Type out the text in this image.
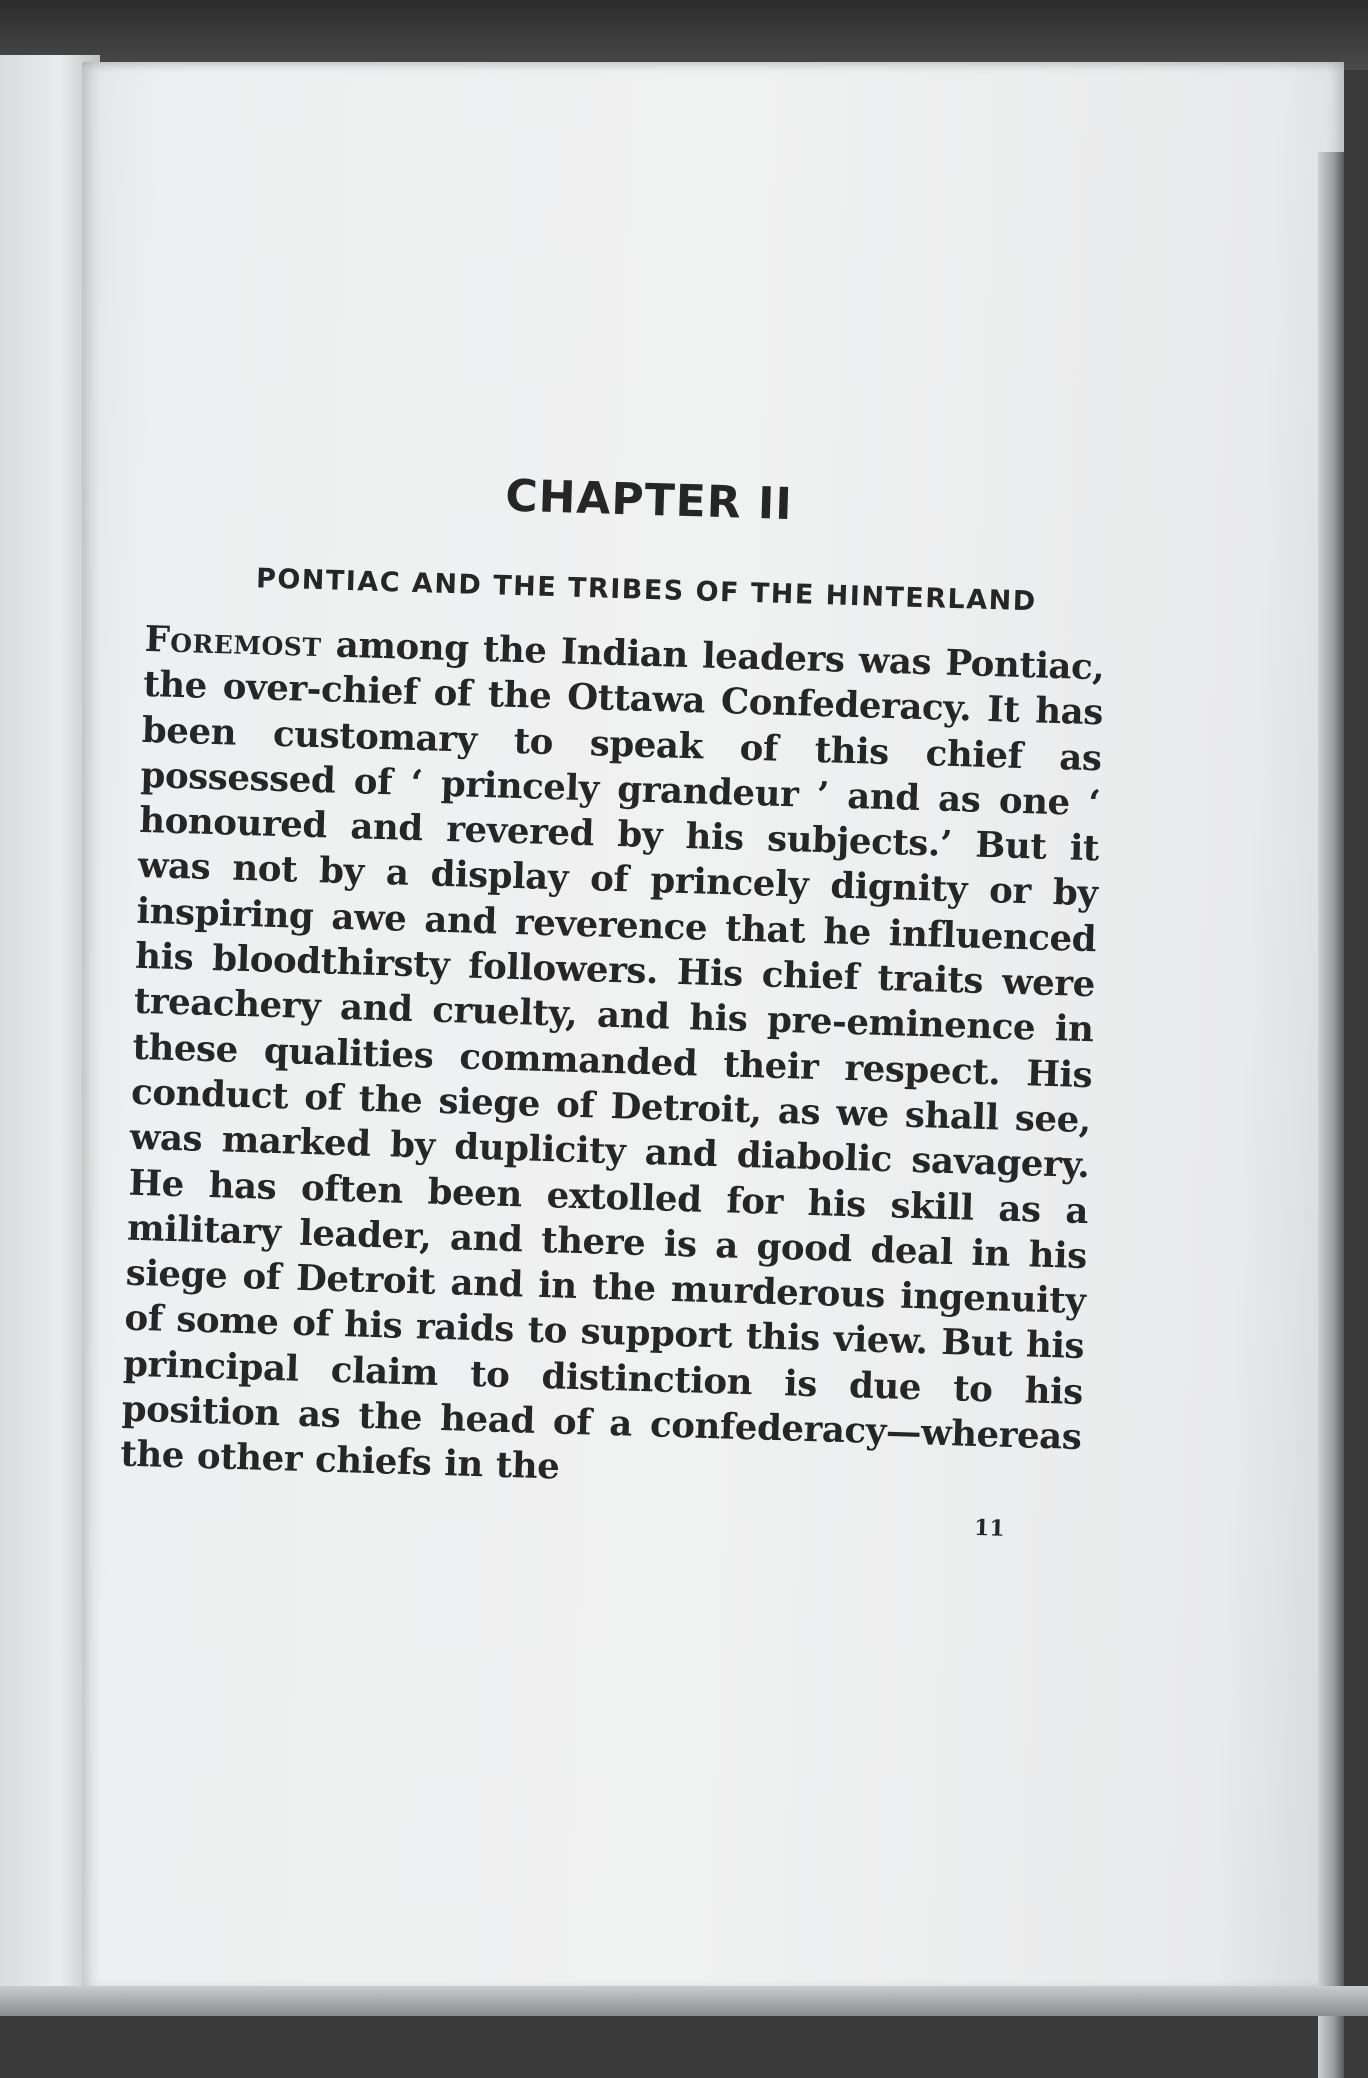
CHAPTER II
PONTIAC AND THE TRIBES OF THE HINTERLAND

Foremost among the Indian leaders was Pontiac, the over-chief of the Ottawa Confederacy. It has been customary to speak of this chief as possessed of ‘ princely grandeur ’ and as one ‘ honoured and revered by his subjects.’ But it was not by a display of princely dignity or by inspiring awe and reverence that he influenced his bloodthirsty followers. His chief traits were treachery and cruelty, and his pre-eminence in these qualities commanded their respect. His conduct of the siege of Detroit, as we shall see, was marked by duplicity and diabolic savagery. He has often been extolled for his skill as a military leader, and there is a good deal in his siege of Detroit and in the murderous ingenuity of some of his raids to support this view. But his principal claim to distinction is due to his position as the head of a confederacy—whereas the other chiefs in the

11
